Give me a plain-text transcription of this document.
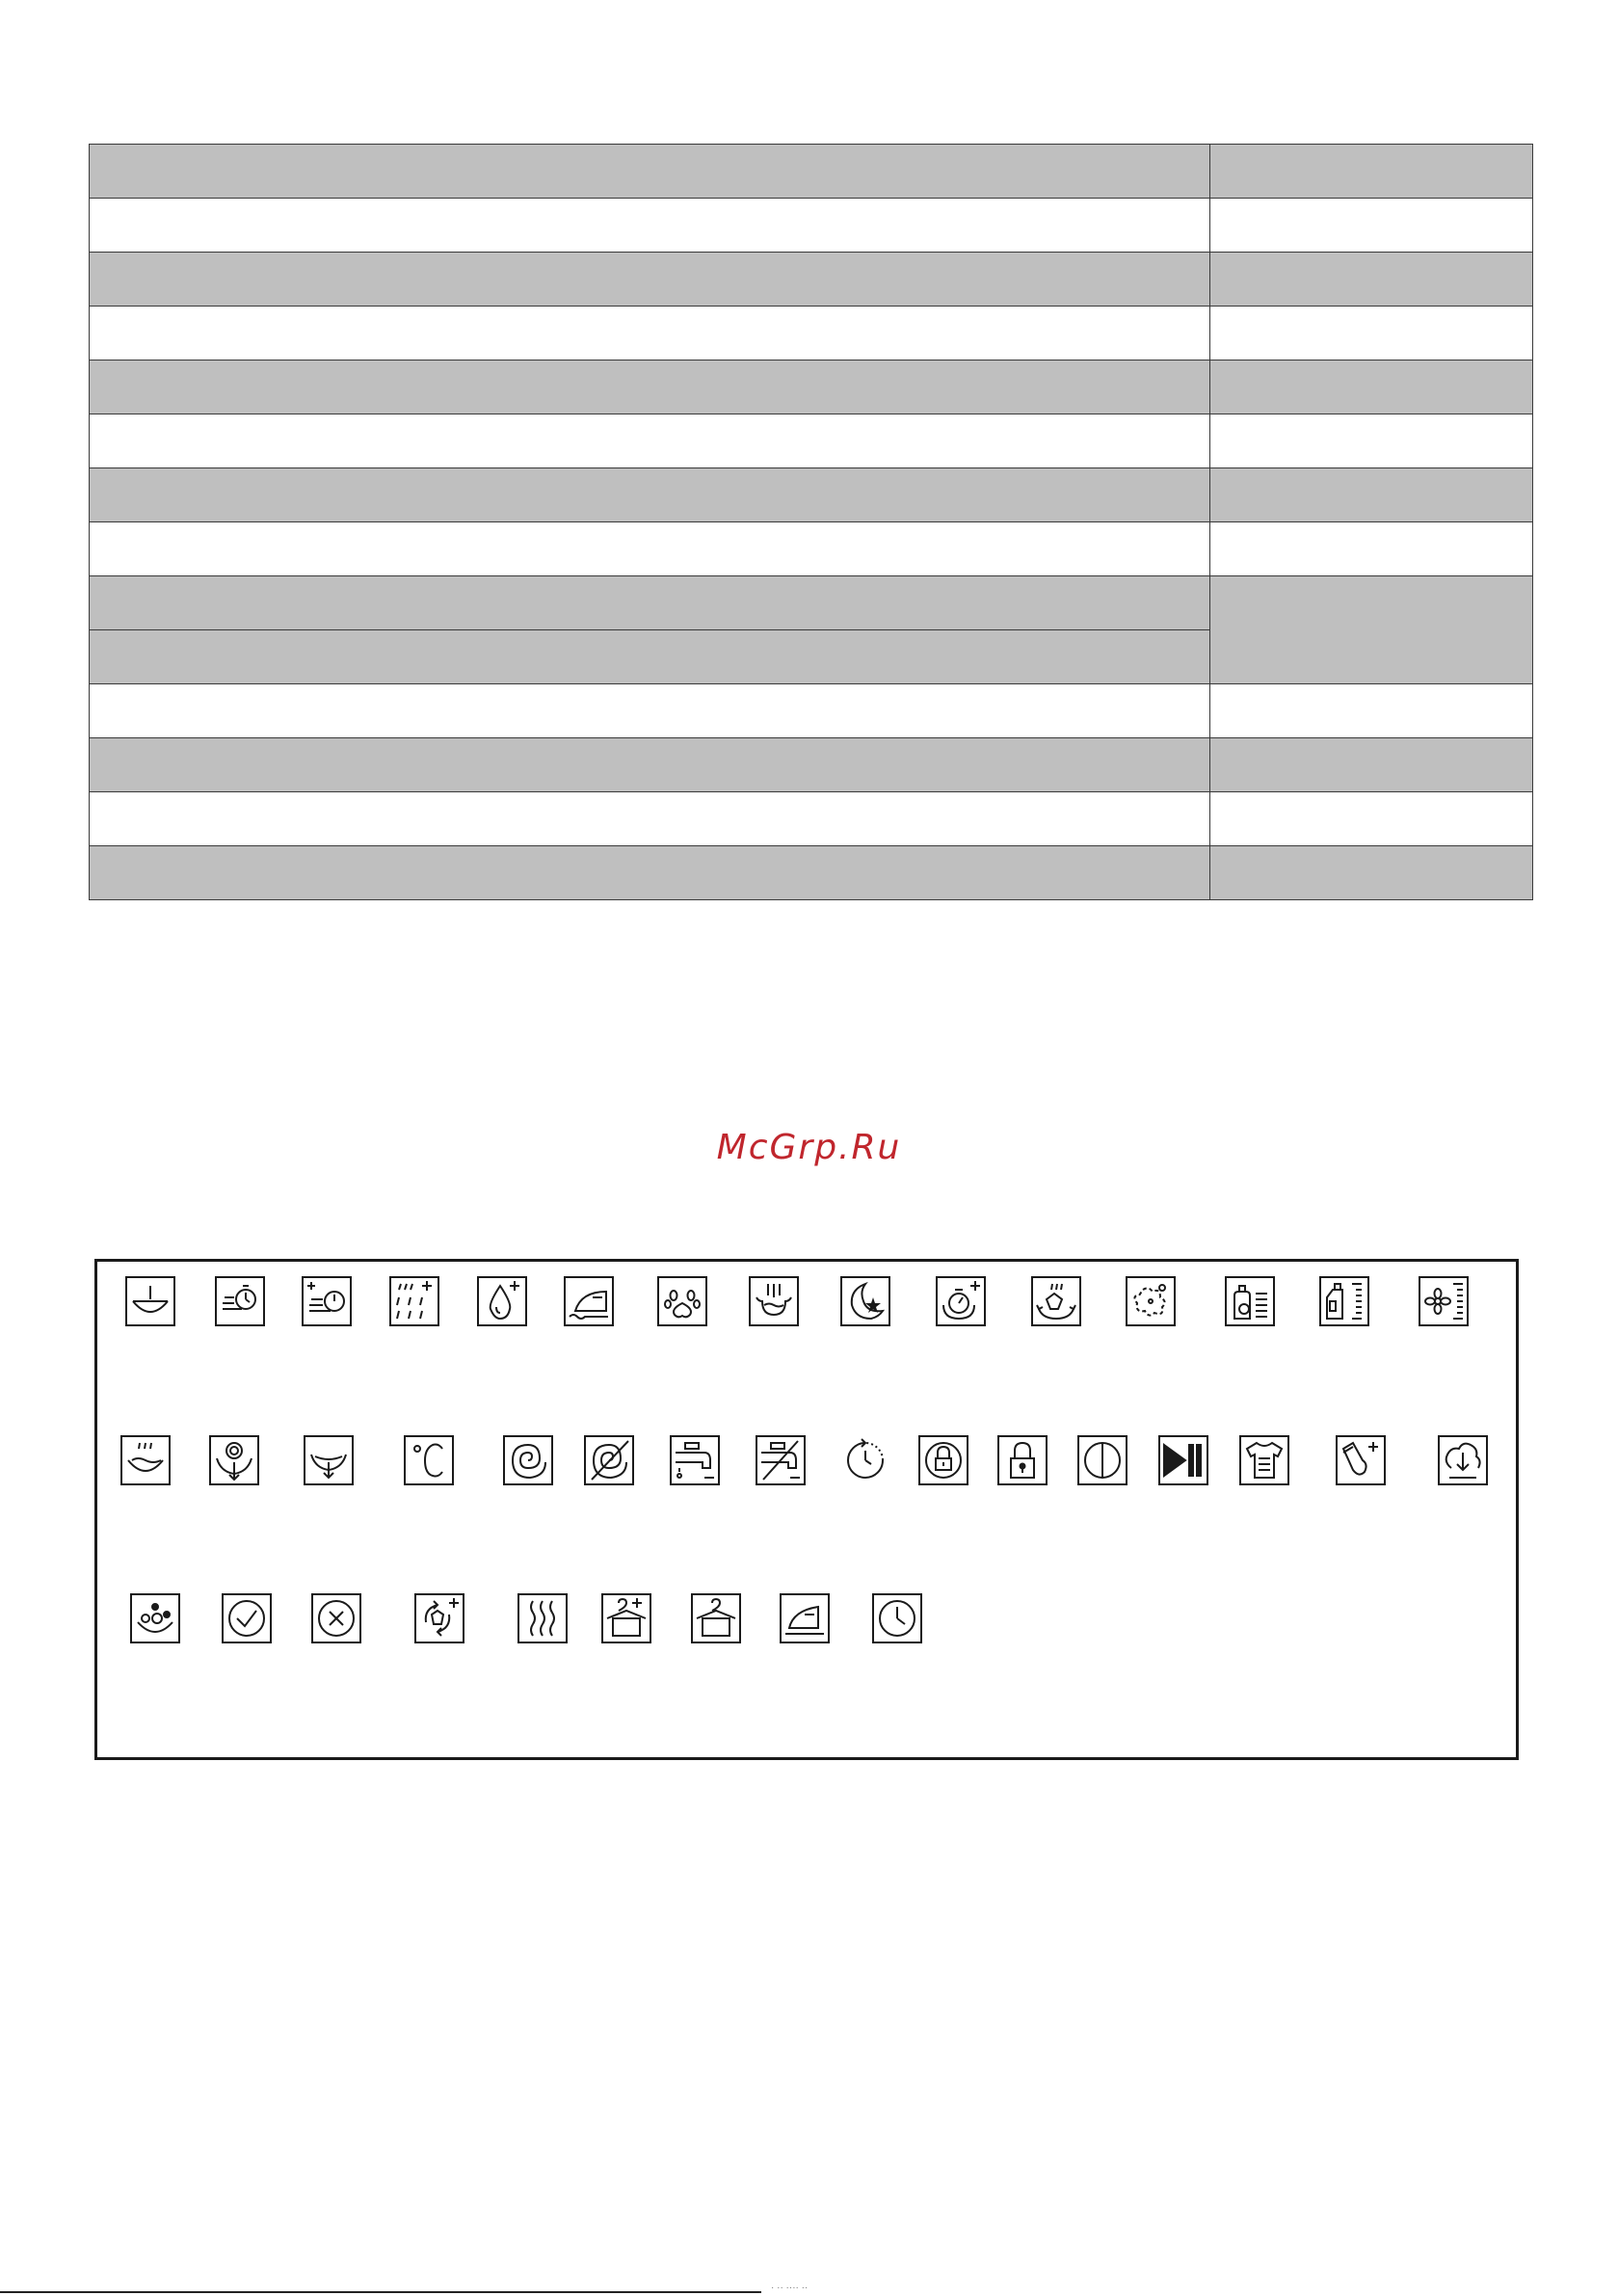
McGrp.Ru
· ·· ···· ··
